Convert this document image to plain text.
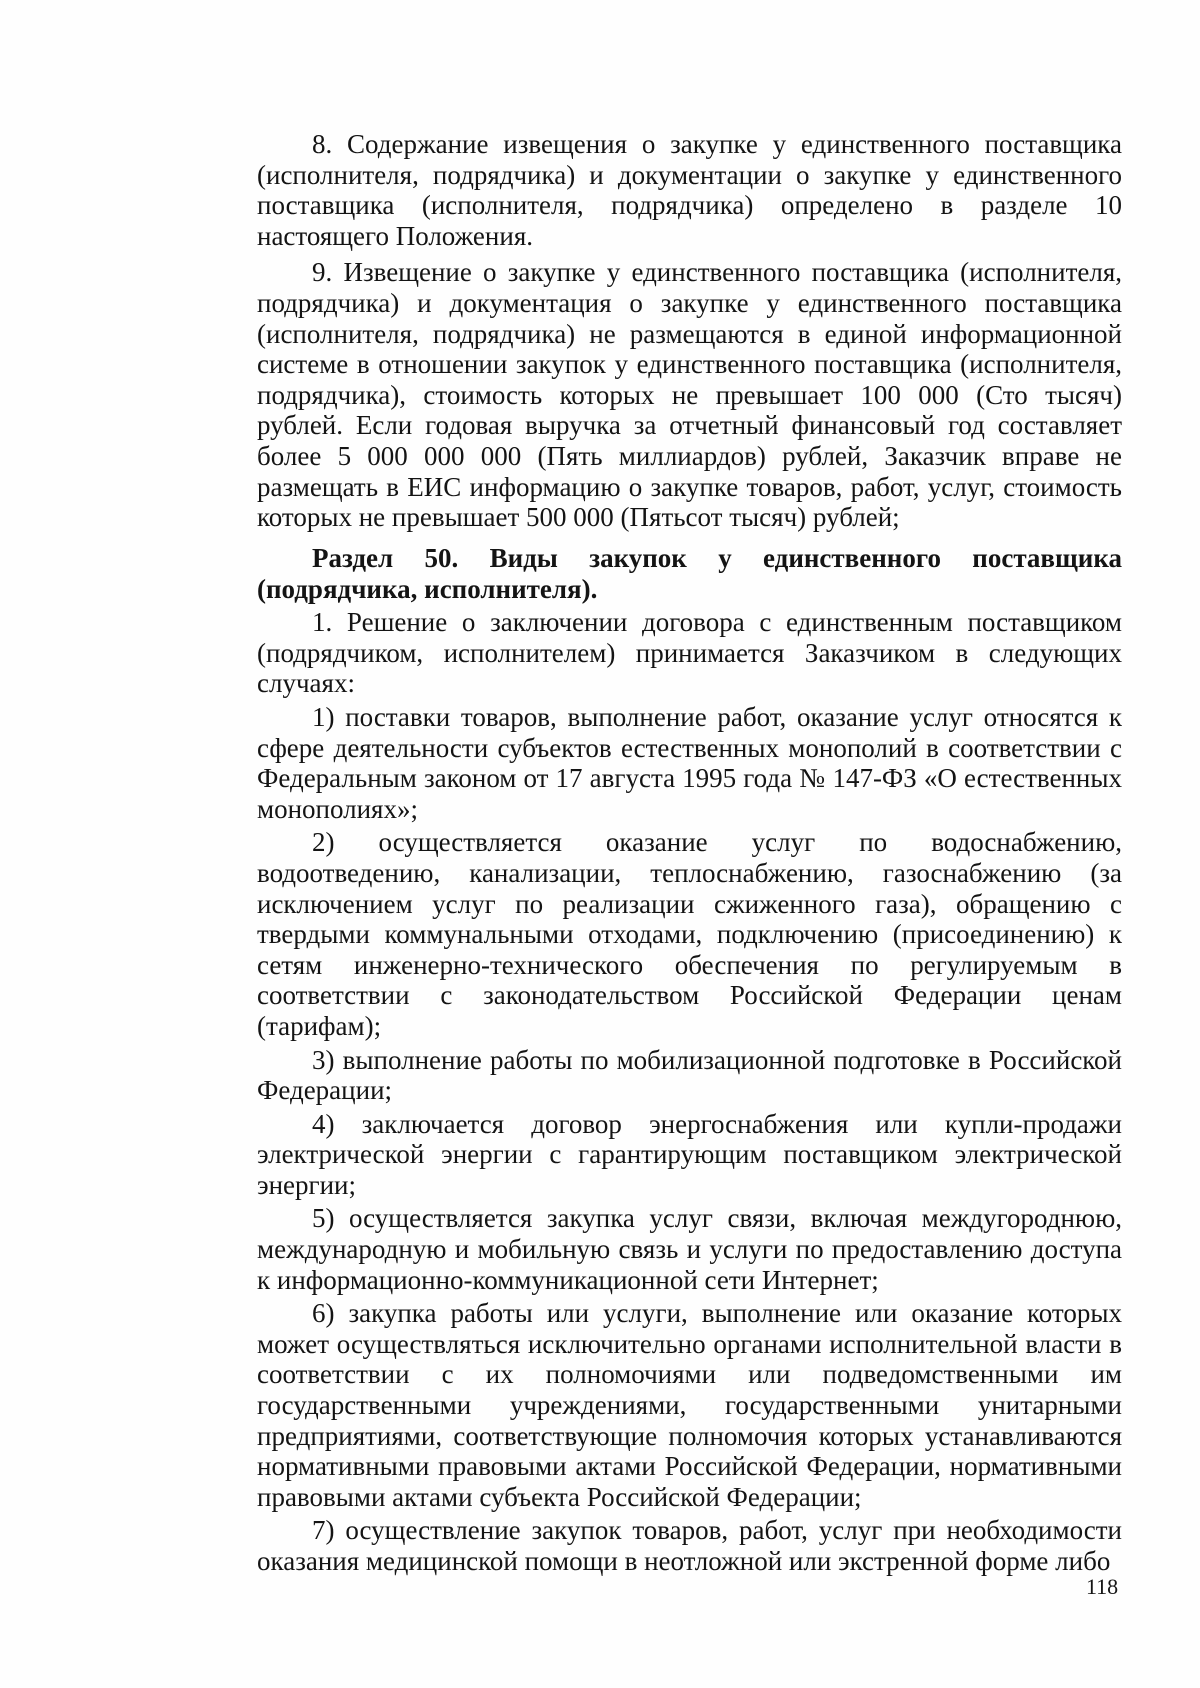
8. Содержание извещения о закупке у единственного поставщика (исполнителя, подрядчика) и документации о закупке у единственного поставщика (исполнителя, подрядчика) определено в разделе 10 настоящего Положения.

9. Извещение о закупке у единственного поставщика (исполнителя, подрядчика) и документация о закупке у единственного поставщика (исполнителя, подрядчика) не размещаются в единой информационной системе в отношении закупок у единственного поставщика (исполнителя, подрядчика), стоимость которых не превышает 100 000 (Сто тысяч) рублей. Если годовая выручка за отчетный финансовый год составляет более 5 000 000 000 (Пять миллиардов) рублей, Заказчик вправе не размещать в ЕИС информацию о закупке товаров, работ, услуг, стоимость которых не превышает 500 000 (Пятьсот тысяч) рублей;

Раздел 50. Виды закупок у единственного поставщика (подрядчика, исполнителя).

1. Решение о заключении договора с единственным поставщиком (подрядчиком, исполнителем) принимается Заказчиком в следующих случаях:

1) поставки товаров, выполнение работ, оказание услуг относятся к сфере деятельности субъектов естественных монополий в соответствии с Федеральным законом от 17 августа 1995 года № 147-ФЗ «О естественных монополиях»;

2) осуществляется оказание услуг по водоснабжению, водоотведению, канализации, теплоснабжению, газоснабжению (за исключением услуг по реализации сжиженного газа), обращению с твердыми коммунальными отходами, подключению (присоединению) к сетям инженерно-технического обеспечения по регулируемым в соответствии с законодательством Российской Федерации ценам (тарифам);

3) выполнение работы по мобилизационной подготовке в Российской Федерации;

4) заключается договор энергоснабжения или купли-продажи электрической энергии с гарантирующим поставщиком электрической энергии;

5) осуществляется закупка услуг связи, включая междугороднюю, международную и мобильную связь и услуги по предоставлению доступа к информационно-коммуникационной сети Интернет;

6) закупка работы или услуги, выполнение или оказание которых может осуществляться исключительно органами исполнительной власти в соответствии с их полномочиями или подведомственными им государственными учреждениями, государственными унитарными предприятиями, соответствующие полномочия которых устанавливаются нормативными правовыми актами Российской Федерации, нормативными правовыми актами субъекта Российской Федерации;

7) осуществление закупок товаров, работ, услуг при необходимости оказания медицинской помощи в неотложной или экстренной форме либо

118
